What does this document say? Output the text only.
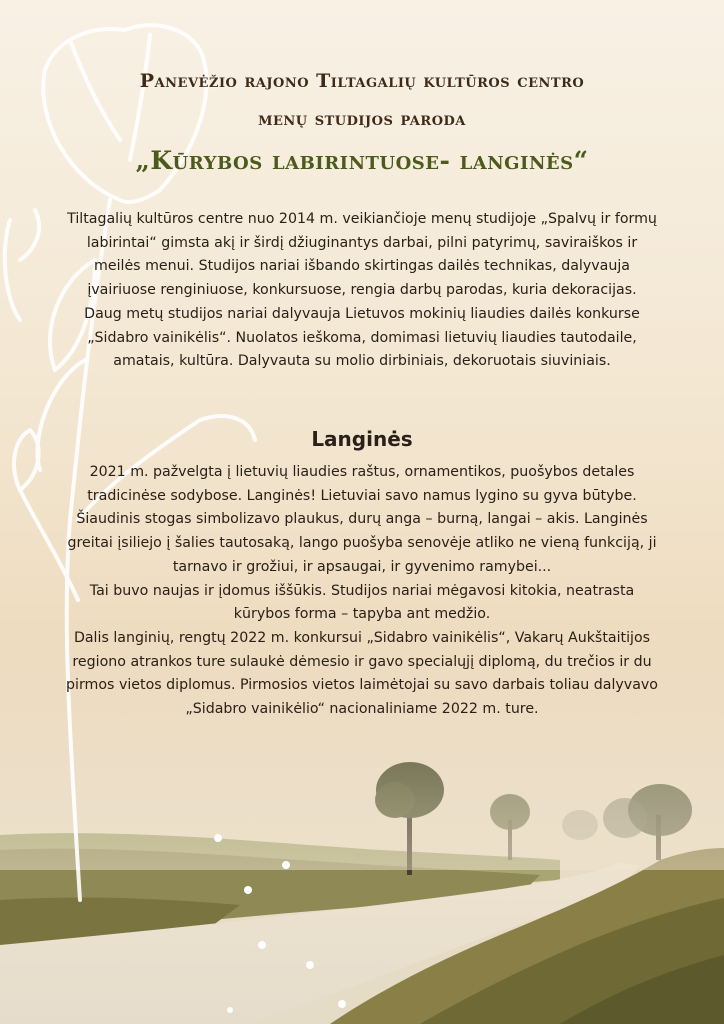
Panevėžio rajono Tiltagalių kultūros centro
menų studijos paroda
„Kūrybos labirintuose- langinės“

Tiltagalių kultūros centre nuo 2014 m. veikiančioje menų studijoje „Spalvų ir formų labirintai“ gimsta akį ir širdį džiuginantys darbai, pilni patyrimų, saviraiškos ir meilės menui. Studijos nariai išbando skirtingas dailės technikas, dalyvauja įvairiuose renginiuose, konkursuose, rengia darbų parodas, kuria dekoracijas.

Daug metų studijos nariai dalyvauja Lietuvos mokinių liaudies dailės konkurse „Sidabro vainikėlis“. Nuolatos ieškoma, domimasi lietuvių liaudies tautodaile, amatais, kultūra. Dalyvauta su molio dirbiniais, dekoruotais siuviniais.

Langinės

2021 m. pažvelgta į lietuvių liaudies raštus, ornamentikos, puošybos detales tradicinėse sodybose. Langinės! Lietuviai savo namus lygino su gyva būtybe. Šiaudinis stogas simbolizavo plaukus, durų anga – burną, langai – akis. Langinės greitai įsiliejo į šalies tautosaką, lango puošyba senovėje atliko ne vieną funkciją, ji tarnavo ir grožiui, ir apsaugai, ir gyvenimo ramybei...

Tai buvo naujas ir įdomus iššūkis. Studijos nariai mėgavosi kitokia, neatrasta kūrybos forma – tapyba ant medžio.

Dalis langinių, rengtų 2022 m. konkursui „Sidabro vainikėlis“, Vakarų Aukštaitijos regiono atrankos ture sulaukė dėmesio ir gavo specialųjį diplomą, du trečios ir du pirmos vietos diplomus. Pirmosios vietos laimėtojai su savo darbais toliau dalyvavo „Sidabro vainikėlio“ nacionaliniame 2022 m. ture.
